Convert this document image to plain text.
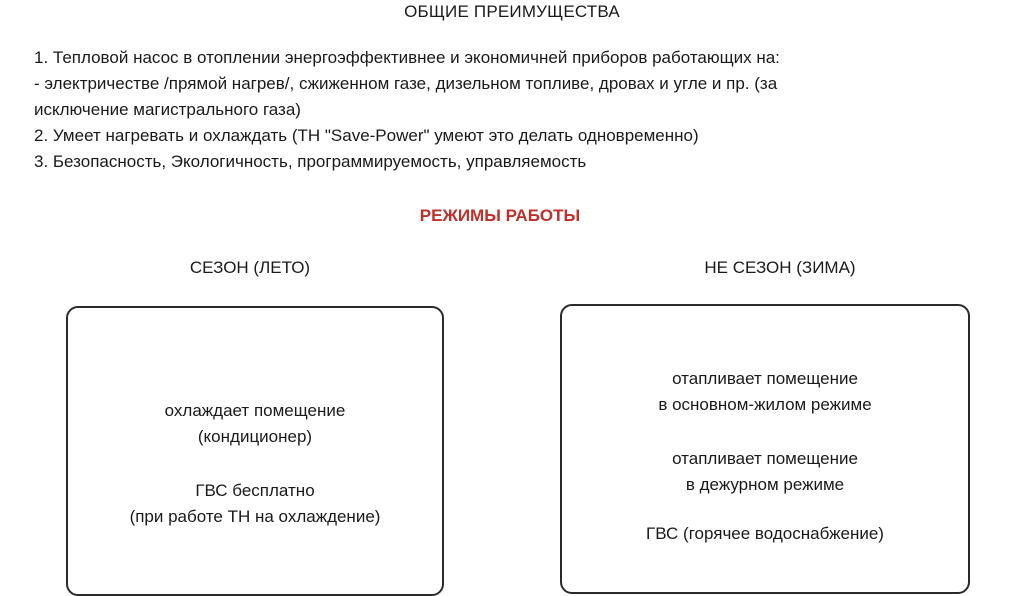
ОБЩИЕ ПРЕИМУЩЕСТВА
1. Тепловой насос в отоплении энергоэффективнее и экономичней приборов работающих на:
- электричестве /прямой нагрев/, сжиженном газе, дизельном топливе, дровах и угле и пр. (за
исключение магистрального газа)
2. Умеет нагревать и охлаждать (ТН "Save-Power" умеют это делать одновременно)
3. Безопасность, Экологичность, программируемость, управляемость
РЕЖИМЫ РАБОТЫ
СЕЗОН (ЛЕТО)	НЕ СЕЗОН (ЗИМА)
охлаждает помещение
(кондиционер)
ГВС бесплатно
(при работе ТН на охлаждение)
отапливает помещение
в основном-жилом режиме
отапливает помещение
в дежурном режиме
ГВС (горячее водоснабжение)
